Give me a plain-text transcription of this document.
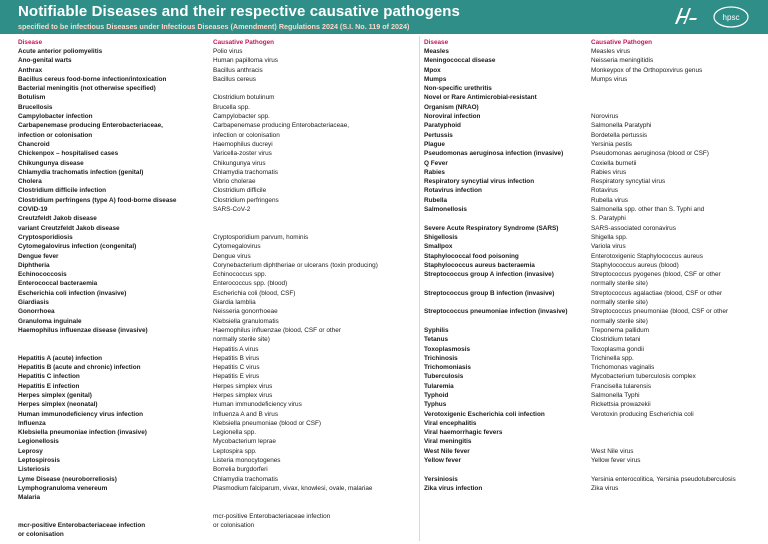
Notifiable Diseases and their respective causative pathogens
specified to be infectious Diseases under Infectious Diseases (Amendment) Regulations 2024 (S.I. No. 119 of 2024)
hpsc
Disease
Acute anterior poliomyelitis
Ano-genital warts
Anthrax
Bacillus cereus food-borne infection/intoxication
Bacterial meningitis (not otherwise specified)
Botulism
Brucellosis
Campylobacter infection
Carbapenemase producing Enterobacteriaceae,
infection or colonisation
Chancroid
Chickenpox – hospitalised cases
Chikungunya disease
Chlamydia trachomatis infection (genital)
Cholera
Clostridium difficile infection
Clostridium perfringens (type A) food-borne disease
COVID-19
Creutzfeldt Jakob disease
variant Creutzfeldt Jakob disease
Cryptosporidiosis
Cytomegalovirus infection (congenital)
Dengue fever
Diphtheria
Echinococcosis
Enterococcal bacteraemia
Escherichia coli infection (invasive)
Giardiasis
Gonorrhoea
Granuloma inguinale
Haemophilus influenzae disease (invasive)
Hepatitis A (acute) infection
Hepatitis B (acute and chronic) infection
Hepatitis C infection
Hepatitis E infection
Herpes simplex (genital)
Herpes simplex (neonatal)
Human immunodeficiency virus infection
Influenza
Klebsiella pneumoniae infection (invasive)
Legionellosis
Leprosy
Leptospirosis
Listeriosis
Lyme Disease (neuroborreliosis)
Lymphogranuloma venereum
Malaria
mcr-positive Enterobacteriaceae infection
or colonisation
Causative Pathogen
Polio virus
Human papilloma virus
Bacillus anthracis
Bacillus cereus
Clostridium botulinum
Brucella spp.
Campylobacter spp.
Carbapenemase producing Enterobacteriaceae,
infection or colonisation
Haemophilus ducreyi
Varicella-zoster virus
Chikungunya virus
Chlamydia trachomatis
Vibrio cholerae
Clostridium difficile
Clostridium perfringens
SARS-CoV-2
Cryptosporidium parvum, hominis
Cytomegalovirus
Dengue virus
Corynebacterium diphtheriae or ulcerans (toxin producing)
Echinococcus spp.
Enterococcus spp. (blood)
Escherichia coli (blood, CSF)
Giardia lamblia
Neisseria gonorrhoeae
Klebsiella granulomatis
Haemophilus influenzae (blood, CSF or other
normally sterile site)
Hepatitis A virus
Hepatitis B virus
Hepatitis C virus
Hepatitis E virus
Herpes simplex virus
Herpes simplex virus
Human immunodeficiency virus
Influenza A and B virus
Klebsiella pneumoniae (blood or CSF)
Legionella spp.
Mycobacterium leprae
Leptospira spp.
Listeria monocytogenes
Borrelia burgdorferi
Chlamydia trachomatis
Plasmodium falciparum, vivax, knowlesi, ovale, malariae
mcr-positive Enterobacteriaceae infection
or colonisation
Disease
Measles
Meningococcal disease
Mpox
Mumps
Non-specific urethritis
Novel or Rare Antimicrobial-resistant
Organism (NRAO)
Noroviral infection
Paratyphoid
Pertussis
Plague
Pseudomonas aeruginosa infection (invasive)
Q Fever
Rabies
Respiratory syncytial virus infection
Rotavirus infection
Rubella
Salmonellosis
Severe Acute Respiratory Syndrome (SARS)
Shigellosis
Smallpox
Staphylococcal food poisoning
Staphylococcus aureus bacteraemia
Streptococcus group A infection (invasive)
Streptococcus group B infection (invasive)
Streptococcus pneumoniae infection (invasive)
Syphilis
Tetanus
Toxoplasmosis
Trichinosis
Trichomoniasis
Tuberculosis
Tularemia
Typhoid
Typhus
Verotoxigenic Escherichia coli infection
Viral encephalitis
Viral haemorrhagic fevers
Viral meningitis
West Nile fever
Yellow fever
Yersiniosis
Zika virus infection
Causative Pathogen
Measles virus
Neisseria meningitidis
Monkeypox of the Orthopoxvirus genus
Mumps virus
Norovirus
Salmonella Paratyphi
Bordetella pertussis
Yersinia pestis
Pseudomonas aeruginosa (blood or CSF)
Coxiella burnetii
Rabies virus
Respiratory syncytial virus
Rotavirus
Rubella virus
Salmonella spp. other than S. Typhi and
S. Paratyphi
SARS-associated coronavirus
Shigella spp.
Variola virus
Enterotoxigenic Staphylococcus aureus
Staphylococcus aureus (blood)
Streptococcus pyogenes (blood, CSF or other
normally sterile site)
Streptococcus agalactiae (blood, CSF or other
normally sterile site)
Streptococcus pneumoniae (blood, CSF or other
normally sterile site)
Treponema pallidum
Clostridium tetani
Toxoplasma gondii
Trichinella spp.
Trichomonas vaginalis
Mycobacterium tuberculosis complex
Francisella tularensis
Salmonella Typhi
Rickettsia prowazekii
Verotoxin producing Escherichia coli
West Nile virus
Yellow fever virus
Yersinia enterocolitica, Yersinia pseudotuberculosis
Zika virus
